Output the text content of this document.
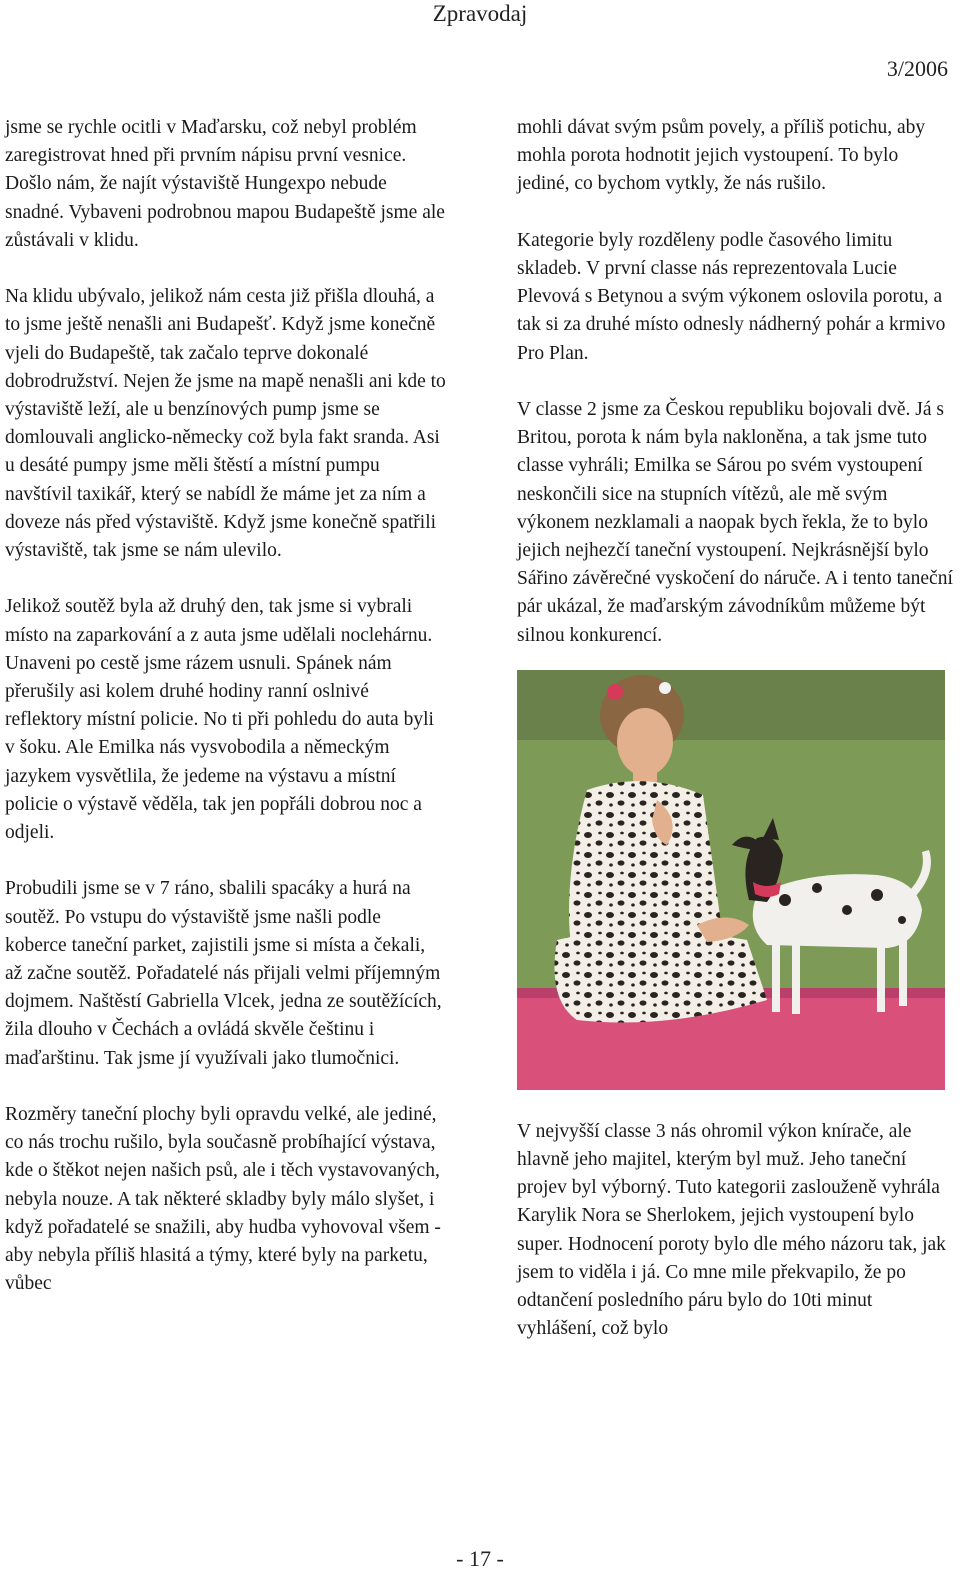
Zpravodaj
3/2006

jsme se rychle ocitli v Maďarsku, což nebyl problém zaregistrovat hned při prvním nápisu první vesnice. Došlo nám, že najít výstaviště Hungexpo nebude snadné. Vybaveni podrobnou mapou Budapeště jsme ale zůstávali v klidu.

Na klidu ubývalo, jelikož nám cesta již přišla dlouhá, a to jsme ještě nenašli ani Budapešť. Když jsme konečně vjeli do Budapeště, tak začalo teprve dokonalé dobrodružství. Nejen že jsme na mapě nenašli ani kde to výstaviště leží, ale u benzínových pump jsme se domlouvali anglicko-německy což byla fakt sranda. Asi u desáté pumpy jsme měli štěstí a místní pumpu navštívil taxikář, který se nabídl že máme jet za ním a doveze nás před výstaviště. Když jsme konečně spatřili výstaviště, tak jsme se nám ulevilo.

Jelikož soutěž byla až druhý den, tak jsme si vybrali místo na zaparkování a z auta jsme udělali noclehárnu. Unaveni po cestě jsme rázem usnuli. Spánek nám přerušily asi kolem druhé hodiny ranní oslnivé reflektory místní policie. No ti při pohledu do auta byli v šoku. Ale Emilka nás vysvobodila a německým jazykem vysvětlila, že jedeme na výstavu a místní policie o výstavě věděla, tak jen popřáli dobrou noc a odjeli.

Probudili jsme se v 7 ráno, sbalili spacáky a hurá na soutěž. Po vstupu do výstaviště jsme našli podle koberce taneční parket, zajistili jsme si místa a čekali, až začne soutěž. Pořadatelé nás přijali velmi příjemným dojmem. Naštěstí Gabriella Vlcek, jedna ze soutěžících, žila dlouho v Čechách a ovládá skvěle češtinu i maďarštinu. Tak jsme jí využívali jako tlumočnici.

Rozměry taneční plochy byli opravdu velké, ale jediné, co nás trochu rušilo, byla současně probíhající výstava, kde o štěkot nejen našich psů, ale i těch vystavovaných, nebyla nouze. A tak některé skladby byly málo slyšet, i když pořadatelé se snažili, aby hudba vyhovoval všem - aby nebyla příliš hlasitá a týmy, které byly na parketu, vůbec

mohli dávat svým psům povely, a příliš potichu, aby mohla porota hodnotit jejich vystoupení. To bylo jediné, co bychom vytkly, že nás rušilo.

Kategorie byly rozděleny podle časového limitu skladeb. V první classe nás reprezentovala Lucie Plevová s Betynou a svým výkonem oslovila porotu, a tak si za druhé místo odnesly nádherný pohár a krmivo Pro Plan.

V classe 2 jsme za Českou republiku bojovali dvě. Já s Britou, porota k nám byla nakloněna, a tak jsme tuto classe vyhráli; Emilka se Sárou po svém vystoupení neskončili sice na stupních vítězů, ale mě svým výkonem nezklamali a naopak bych řekla, že to bylo jejich nejhezčí taneční vystoupení. Nejkrásnější bylo Sářino závěrečné vyskočení do náruče. A i tento taneční pár ukázal, že maďarským závodníkům můžeme být silnou konkurencí.

V nejvyšší classe 3 nás ohromil výkon kníračе, ale hlavně jeho majitel, kterým byl muž. Jeho taneční projev byl výborný. Tuto kategorii zaslouženě vyhrála Karylik Nora se Sherlokem, jejich vystoupení bylo super. Hodnocení poroty bylo dle mého názoru tak, jak jsem to viděla i já. Co mne mile překvapilo, že po odtančení posledního páru bylo do 10ti minut vyhlášení, což bylo

- 17 -
